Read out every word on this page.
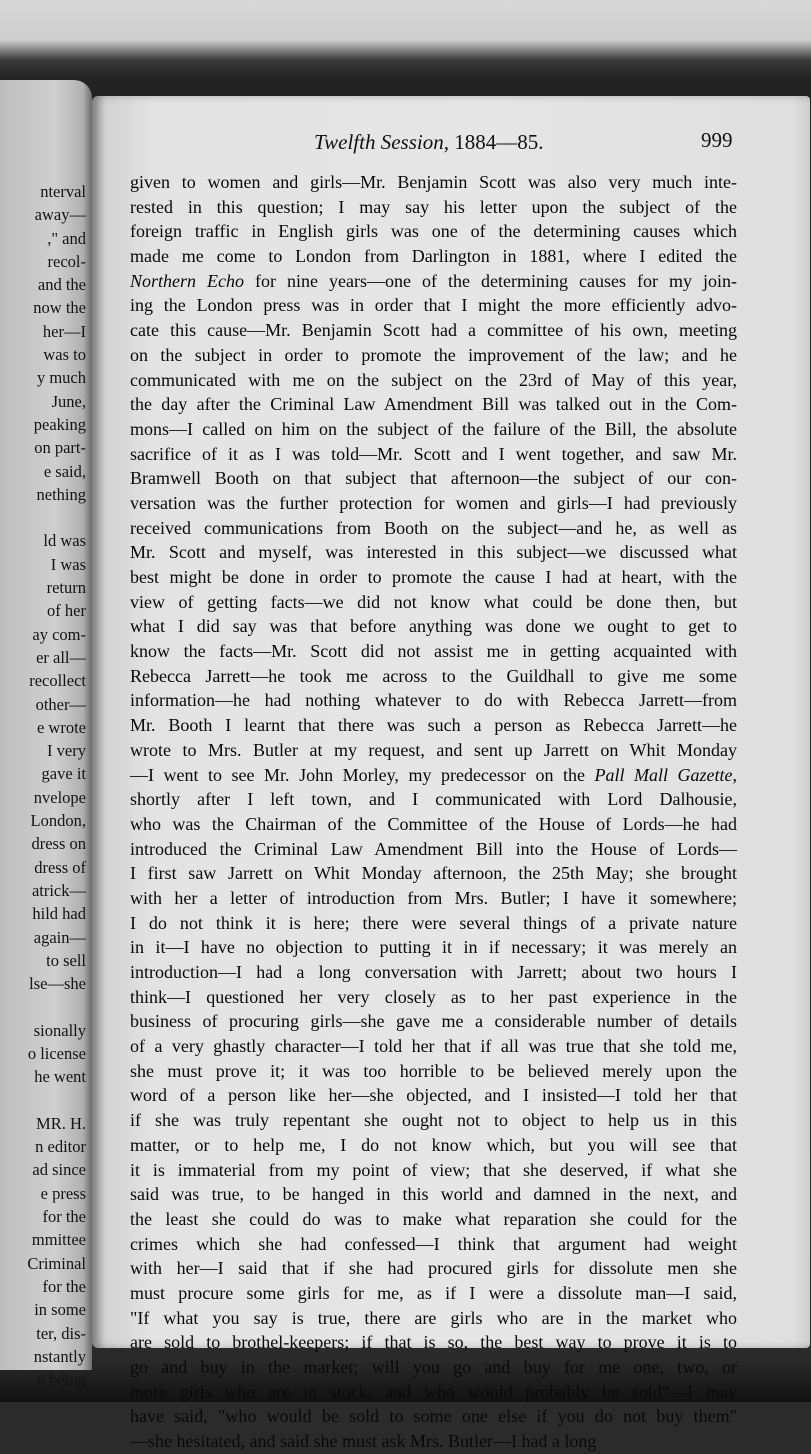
nterval
away—
," and
recol-
and the
now the
her—I
was to
y much
June,
peaking
on part-
e said,
nething
ld was
I was
return
of her
ay com-
er all—
recollect
other—
e wrote
I very
gave it
nvelope
London,
dress on
dress of
atrick—
hild had
again—
to sell
lse—she
sionally
o license
he went
MR. H.
n editor
ad since
e press
for the
mmittee
Criminal
for the
in some
ter, dis-
nstantly
n being
Twelfth Session, 1884—85.	999
given to women and girls—Mr. Benjamin Scott was also very much inte-
rested in this question; I may say his letter upon the subject of the
foreign traffic in English girls was one of the determining causes which
made me come to London from Darlington in 1881, where I edited the
Northern Echo for nine years—one of the determining causes for my join-
ing the London press was in order that I might the more efficiently advo-
cate this cause—Mr. Benjamin Scott had a committee of his own, meeting
on the subject in order to promote the improvement of the law; and he
communicated with me on the subject on the 23rd of May of this year,
the day after the Criminal Law Amendment Bill was talked out in the Com-
mons—I called on him on the subject of the failure of the Bill, the absolute
sacrifice of it as I was told—Mr. Scott and I went together, and saw Mr.
Bramwell Booth on that subject that afternoon—the subject of our con-
versation was the further protection for women and girls—I had previously
received communications from Booth on the subject—and he, as well as
Mr. Scott and myself, was interested in this subject—we discussed what
best might be done in order to promote the cause I had at heart, with the
view of getting facts—we did not know what could be done then, but
what I did say was that before anything was done we ought to get to
know the facts—Mr. Scott did not assist me in getting acquainted with
Rebecca Jarrett—he took me across to the Guildhall to give me some
information—he had nothing whatever to do with Rebecca Jarrett—from
Mr. Booth I learnt that there was such a person as Rebecca Jarrett—he
wrote to Mrs. Butler at my request, and sent up Jarrett on Whit Monday
—I went to see Mr. John Morley, my predecessor on the Pall Mall Gazette,
shortly after I left town, and I communicated with Lord Dalhousie,
who was the Chairman of the Committee of the House of Lords—he had
introduced the Criminal Law Amendment Bill into the House of Lords—
I first saw Jarrett on Whit Monday afternoon, the 25th May; she brought
with her a letter of introduction from Mrs. Butler; I have it somewhere;
I do not think it is here; there were several things of a private nature
in it—I have no objection to putting it in if necessary; it was merely an
introduction—I had a long conversation with Jarrett; about two hours I
think—I questioned her very closely as to her past experience in the
business of procuring girls—she gave me a considerable number of details
of a very ghastly character—I told her that if all was true that she told me,
she must prove it; it was too horrible to be believed merely upon the
word of a person like her—she objected, and I insisted—I told her that
if she was truly repentant she ought not to object to help us in this
matter, or to help me, I do not know which, but you will see that
it is immaterial from my point of view; that she deserved, if what she
said was true, to be hanged in this world and damned in the next, and
the least she could do was to make what reparation she could for the
crimes which she had confessed—I think that argument had weight
with her—I said that if she had procured girls for dissolute men she
must procure some girls for me, as if I were a dissolute man—I said,
"If what you say is true, there are girls who are in the market who
are sold to brothel-keepers; if that is so, the best way to prove it is to
go and buy in the market; will you go and buy for me one, two, or
more girls who are in stock, and who would probably be sold"—I may
have said, "who would be sold to some one else if you do not buy them"
—she hesitated, and said she must ask Mrs. Butler—I had a long
